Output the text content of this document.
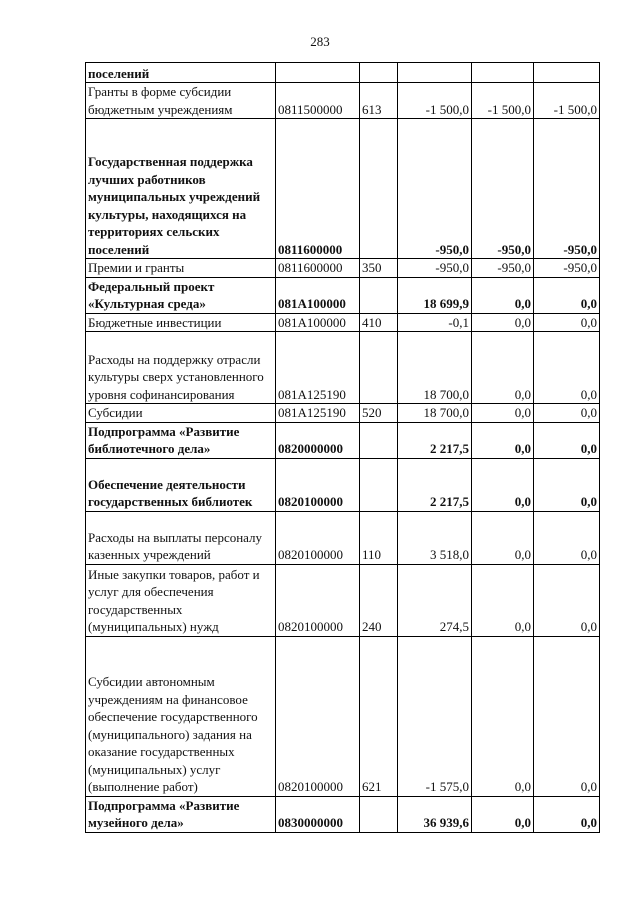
283
поселений					
Гранты в форме субсидии бюджетным учреждениям	0811500000	613	-1 500,0	-1 500,0	-1 500,0
Государственная поддержка лучших работников муниципальных учреждений культуры, находящихся на территориях сельских поселений	0811600000		-950,0	-950,0	-950,0
Премии и гранты	0811600000	350	-950,0	-950,0	-950,0
Федеральный проект «Культурная среда»	081А100000		18 699,9	0,0	0,0
Бюджетные инвестиции	081А100000	410	-0,1	0,0	0,0
Расходы на поддержку отрасли культуры сверх установленного уровня софинансирования	081А125190		18 700,0	0,0	0,0
Субсидии	081А125190	520	18 700,0	0,0	0,0
Подпрограмма «Развитие библиотечного дела»	0820000000		2 217,5	0,0	0,0
Обеспечение деятельности государственных библиотек	0820100000		2 217,5	0,0	0,0
Расходы на выплаты персоналу казенных учреждений	0820100000	110	3 518,0	0,0	0,0
Иные закупки товаров, работ и услуг для обеспечения государственных (муниципальных) нужд	0820100000	240	274,5	0,0	0,0
Субсидии автономным учреждениям на финансовое обеспечение государственного (муниципального) задания на оказание государственных (муниципальных) услуг (выполнение работ)	0820100000	621	-1 575,0	0,0	0,0
Подпрограмма «Развитие музейного дела»	0830000000		36 939,6	0,0	0,0
